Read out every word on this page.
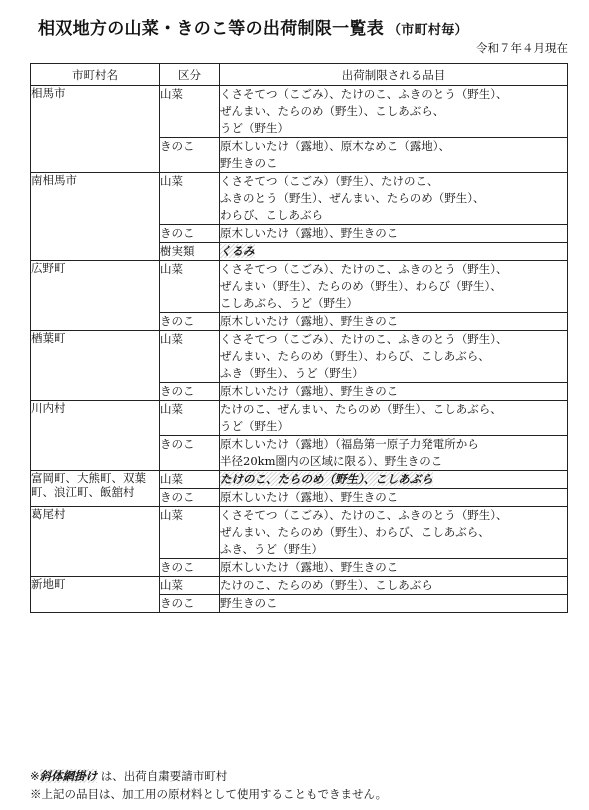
相双地方の山菜・きのこ等の出荷制限一覧表 （市町村毎）
令和７年４月現在
市町村名	区分	出荷制限される品目
相馬市	山菜	くさそてつ（こごみ）、たけのこ、ふきのとう（野生）、
ぜんまい、たらのめ（野生）、こしあぶら、
うど（野生）

	きのこ	原木しいたけ（露地）、原木なめこ（露地）、
野生きのこ

南相馬市	山菜	くさそてつ（こごみ）（野生）、たけのこ、
ふきのとう（野生）、ぜんまい、たらのめ（野生）、
わらび、こしあぶら

	きのこ	原木しいたけ（露地）、野生きのこ

	樹実類	くるみ

広野町	山菜	くさそてつ（こごみ）、たけのこ、ふきのとう（野生）、
ぜんまい（野生）、たらのめ（野生）、わらび（野生）、
こしあぶら、うど（野生）

	きのこ	原木しいたけ（露地）、野生きのこ

楢葉町	山菜	くさそてつ（こごみ）、たけのこ、ふきのとう（野生）、
ぜんまい、たらのめ（野生）、わらび、こしあぶら、
ふき（野生）、うど（野生）

	きのこ	原木しいたけ（露地）、野生きのこ

川内村	山菜	たけのこ、ぜんまい、たらのめ（野生）、こしあぶら、
うど（野生）

	きのこ	原木しいたけ（露地）（福島第一原子力発電所から
半径20km圏内の区域に限る）、野生きのこ

富岡町、大熊町、双葉町、浪江町、飯舘村	山菜	たけのこ、たらのめ（野生）、こしあぶら

	きのこ	原木しいたけ（露地）、野生きのこ

葛尾村	山菜	くさそてつ（こごみ）、たけのこ、ふきのとう（野生）、
ぜんまい、たらのめ（野生）、わらび、こしあぶら、
ふき、うど（野生）

	きのこ	原木しいたけ（露地）、野生きのこ

新地町	山菜	たけのこ、たらのめ（野生）、こしあぶら

	きのこ	野生きのこ
※斜体網掛け は、出荷自粛要請市町村
※上記の品目は、加工用の原材料として使用することもできません。
